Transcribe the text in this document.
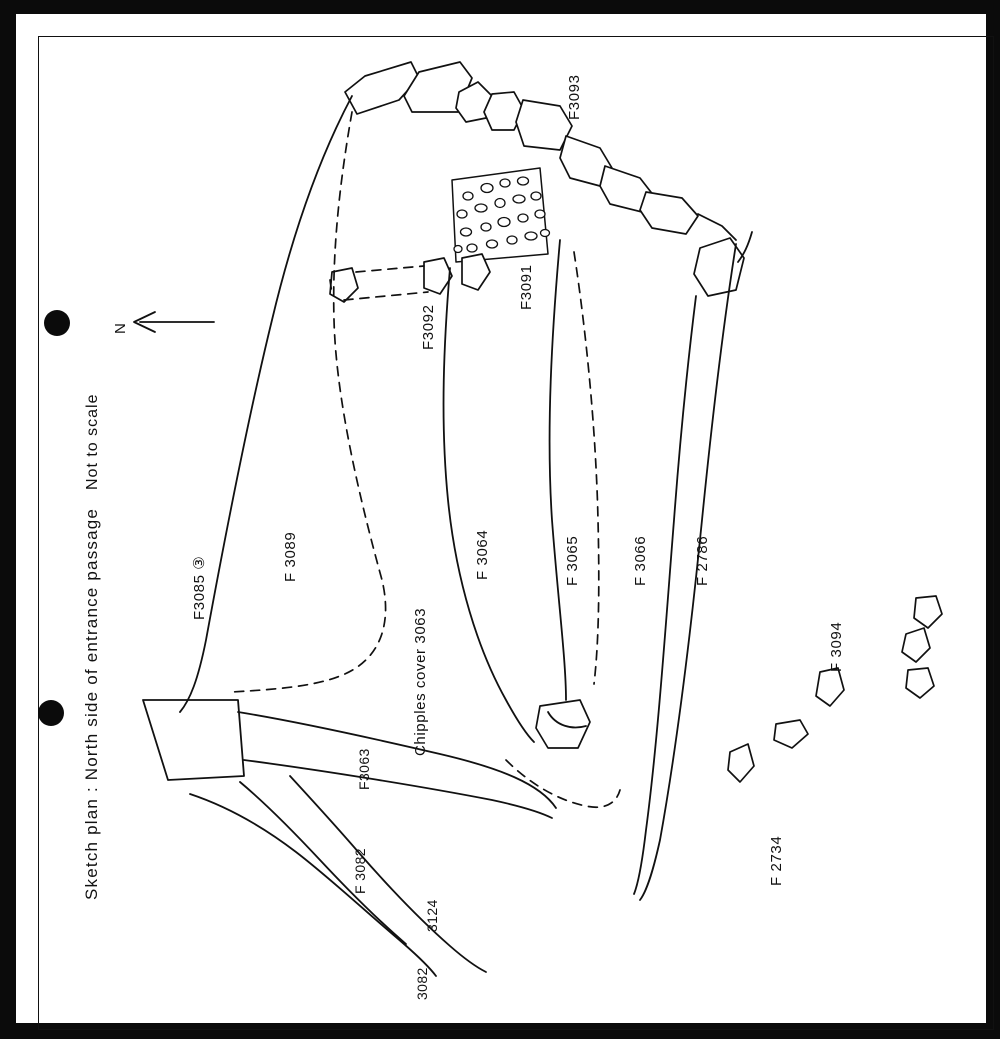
Sketch plan : North side of entrance passage
Not to scale
N
F3085 ③	F 3089
Chipples cover 3063
F 3064	F 3065	F 3066	F 2786
F3091
F3092
F3093
F 3094
F 2734
F3063
F 3082
3124
3082
